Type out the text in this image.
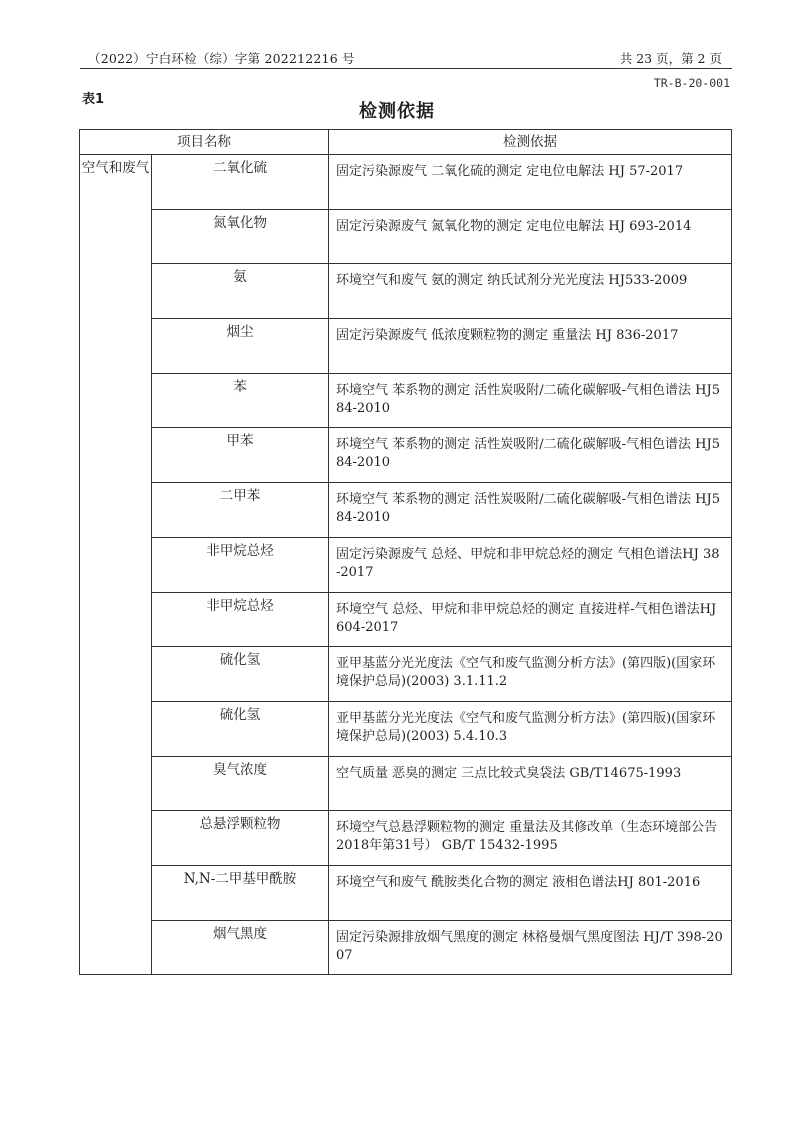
（2022）宁白环检（综）字第 202212216 号	共 23 页，第 2 页
TR-B-20-001
表1
检测依据
项目名称		检测依据
空气和废气	二氧化硫	固定污染源废气 二氧化硫的测定 定电位电解法 HJ 57-2017
	氮氧化物	固定污染源废气 氮氧化物的测定 定电位电解法 HJ 693-2014
	氨	环境空气和废气 氨的测定 纳氏试剂分光光度法 HJ533-2009
	烟尘	固定污染源废气 低浓度颗粒物的测定 重量法 HJ 836-2017
	苯	环境空气 苯系物的测定 活性炭吸附/二硫化碳解吸-气相色谱法 HJ584-2010
	甲苯	环境空气 苯系物的测定 活性炭吸附/二硫化碳解吸-气相色谱法 HJ584-2010
	二甲苯	环境空气 苯系物的测定 活性炭吸附/二硫化碳解吸-气相色谱法 HJ584-2010
	非甲烷总烃	固定污染源废气 总烃、甲烷和非甲烷总烃的测定 气相色谱法HJ 38-2017
	非甲烷总烃	环境空气 总烃、甲烷和非甲烷总烃的测定 直接进样-气相色谱法HJ604-2017
	硫化氢	亚甲基蓝分光光度法《空气和废气监测分析方法》(第四版)(国家环境保护总局)(2003) 3.1.11.2
	硫化氢	亚甲基蓝分光光度法《空气和废气监测分析方法》(第四版)(国家环境保护总局)(2003) 5.4.10.3
	臭气浓度	空气质量 恶臭的测定 三点比较式臭袋法 GB/T14675-1993
	总悬浮颗粒物	环境空气总悬浮颗粒物的测定 重量法及其修改单（生态环境部公告2018年第31号） GB/T 15432-1995
	N,N-二甲基甲酰胺	环境空气和废气 酰胺类化合物的测定 液相色谱法HJ 801-2016
	烟气黑度	固定污染源排放烟气黑度的测定 林格曼烟气黑度图法 HJ/T 398-2007
